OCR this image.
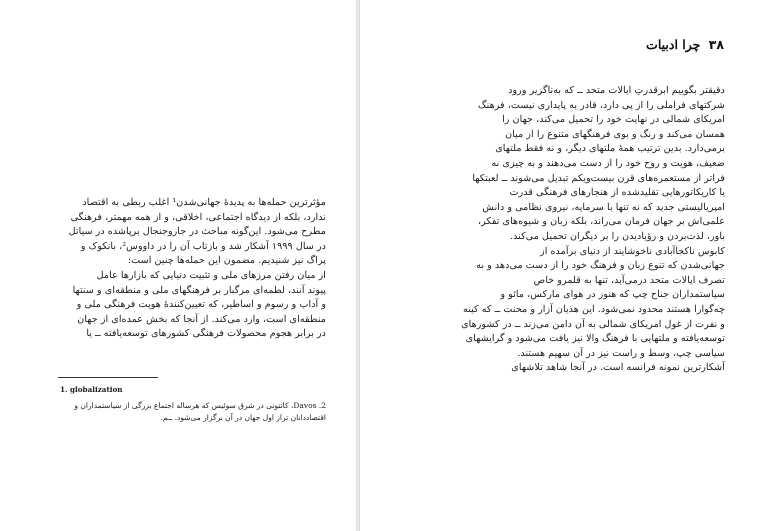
مؤثرترین حمله‌ها به پدیدهٔ جهانی‌شدن¹ اغلب ربطی به اقتصاد
ندارد، بلکه از دیدگاه اجتماعی، اخلاقی، و از همه مهمتر، فرهنگی
مطرح می‌شود. این‌گونه مباحث در جاروجنجال برپاشده در سیاتل
در سال ۱۹۹۹ آشکار شد و بازتاب آن را در داووس²، بانکوک و
پراگ نیز شنیدیم. مضمون این حمله‌ها چنین است:
از میان رفتن مرزهای ملی و تثبیت دنیایی که بازارها عامل
پیوند آنند، لطمه‌ای مرگبار بر فرهنگهای ملی و منطقه‌ای و سنتها
و آداب و رسوم و اساطیر، که تعیین‌کنندهٔ هویت فرهنگی ملی و
منطقه‌ای است، وارد می‌کند. از آنجا که بخش عمده‌ای از جهان
در برابر هجوم محصولات فرهنگی کشورهای توسعه‌یافته ــ یا
1. globalization
2. Davos، کانتونی در شرق سوئیس که هرساله اجتماع بزرگی از سیاستمداران و
اقتصاددانان تراز اول جهان در آن برگزار می‌شود. ــم.
۳۸ چرا ادبیات
دقیقتر بگوییم ابرقدرتِ ایالات متحد ــ که به‌ناگزیر ورود
شرکتهای فراملی را از پی دارد، قادر به پایداری نیست، فرهنگ
امریکای شمالی در نهایت خود را تحمیل می‌کند، جهان را
همسان می‌کند و رنگ و بوی فرهنگهای متنوع را از میان
برمی‌دارد. بدین ترتیب همهٔ ملتهای دیگر، و نه فقط ملتهای
ضعیف، هویت و روح خود را از دست می‌دهند و به چیزی نه
فراتر از مستعمره‌های قرن بیست‌ویکم تبدیل می‌شوند ــ لعبتکها
یا کاریکاتورهایی تقلیدشده از هنجارهای فرهنگی قدرت
امپریالیستی جدید که نه تنها با سرمایه، نیروی نظامی و دانش
علمی‌اش بر جهان فرمان می‌راند، بلکه زبان و شیوه‌های تفکر،
باور، لذت‌بردن و رؤیادیدن را بر دیگران تحمیل می‌کند.
کابوس ناکجاآبادی ناخوشایند از دنیای برآمده از
جهانی‌شدن که تنوع زبان و فرهنگ خود را از دست می‌دهد و به
تصرف ایالات متحد درمی‌آید، تنها به قلمرو خاص
سیاستمداران جناح چپ که هنوز در هوای مارکس، مائو و
چه‌گوارا هستند محدود نمی‌شود. این هذیان آزار و محنت ــ که کینه
و نفرت از غول امریکای شمالی به آن دامن می‌زند ــ در کشورهای
توسعه‌یافته و ملتهایی با فرهنگ والا نیز یافت می‌شود و گرایشهای
سیاسی چپ، وسط و راست نیز در آن سهیم هستند.
آشکارترین نمونه فرانسه است. در آنجا شاهد تلاشهای
